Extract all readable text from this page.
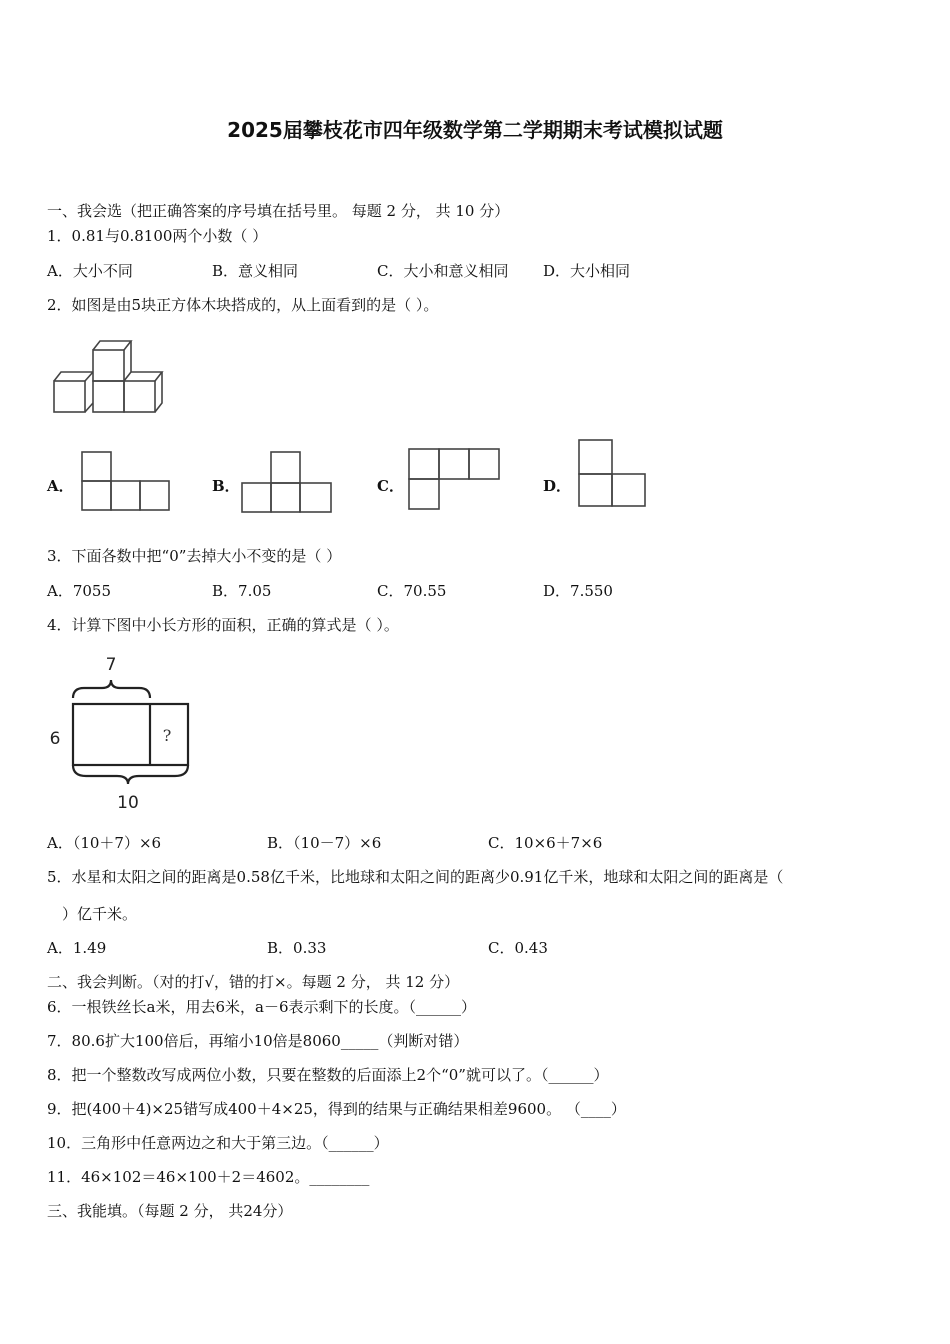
2025届攀枝花市四年级数学第二学期期末考试模拟试题
一、我会选（把正确答案的序号填在括号里。 每题 2 分， 共 10 分）
1．0.81与0.8100两个小数（ ）
A．大小不同	B．意义相同	C．大小和意义相同 D．大小相同
2．如图是由5块正方体木块搭成的，从上面看到的是（ ）。
A．	B．	C．	D．
3．下面各数中把“0”去掉大小不变的是（ ）
A．7055	B．7.05	C．70.55	D．7.550
4．计算下图中小长方形的面积，正确的算式是（ ）。
7
6	?
10
A．（10＋7）×6	B．（10－7）×6	C．10×6＋7×6
5．水星和太阳之间的距离是0.58亿千米，比地球和太阳之间的距离少0.91亿千米，地球和太阳之间的距离是（
）亿千米。
A．1.49	B．0.33	C．0.43
二、我会判断。（对的打√，错的打×。每题 2 分， 共 12 分）
6．一根铁丝长a米，用去6米，a－6表示剩下的长度。（______）
7．80.6扩大100倍后，再缩小10倍是8060_____（判断对错）
8．把一个整数改写成两位小数，只要在整数的后面添上2个“0”就可以了。（______）
9．把(400＋4)×25错写成400＋4×25，得到的结果与正确结果相差9600。 （____）
10．三角形中任意两边之和大于第三边。（______）
11．46×102＝46×100＋2＝4602。________
三、我能填。（每题 2 分， 共24分）
